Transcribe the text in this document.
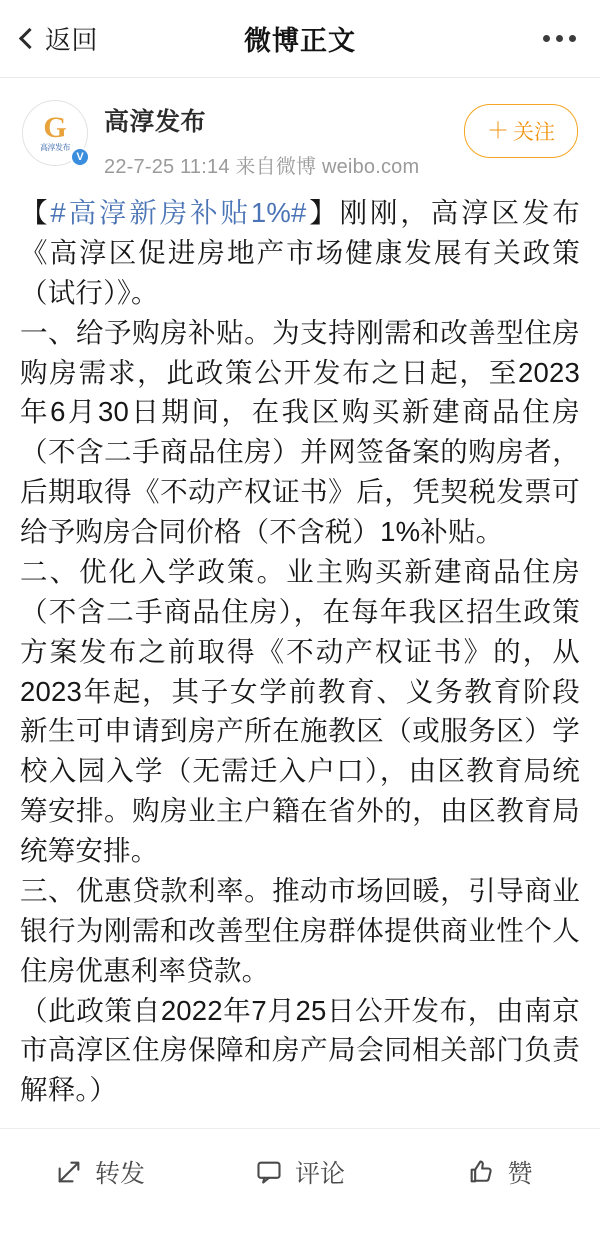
返回	微博正文
G
高淳发布
V
高淳发布
22-7-25 11:14 来自微博 weibo.com
＋ 关注

【#高淳新房补贴1%#】刚刚，高淳区发布《高淳区促进房地产市场健康发展有关政策（试行）》。

一、给予购房补贴。为支持刚需和改善型住房购房需求，此政策公开发布之日起，至2023年6月30日期间，在我区购买新建商品住房（不含二手商品住房）并网签备案的购房者，后期取得《不动产权证书》后，凭契税发票可给予购房合同价格（不含税）1%补贴。

二、优化入学政策。业主购买新建商品住房（不含二手商品住房），在每年我区招生政策方案发布之前取得《不动产权证书》的，从2023年起，其子女学前教育、义务教育阶段新生可申请到房产所在施教区（或服务区）学校入园入学（无需迁入户口），由区教育局统筹安排。购房业主户籍在省外的，由区教育局统筹安排。

三、优惠贷款利率。推动市场回暖，引导商业银行为刚需和改善型住房群体提供商业性个人住房优惠利率贷款。

（此政策自2022年7月25日公开发布，由南京市高淳区住房保障和房产局会同相关部门负责解释。）

转发	评论	赞
